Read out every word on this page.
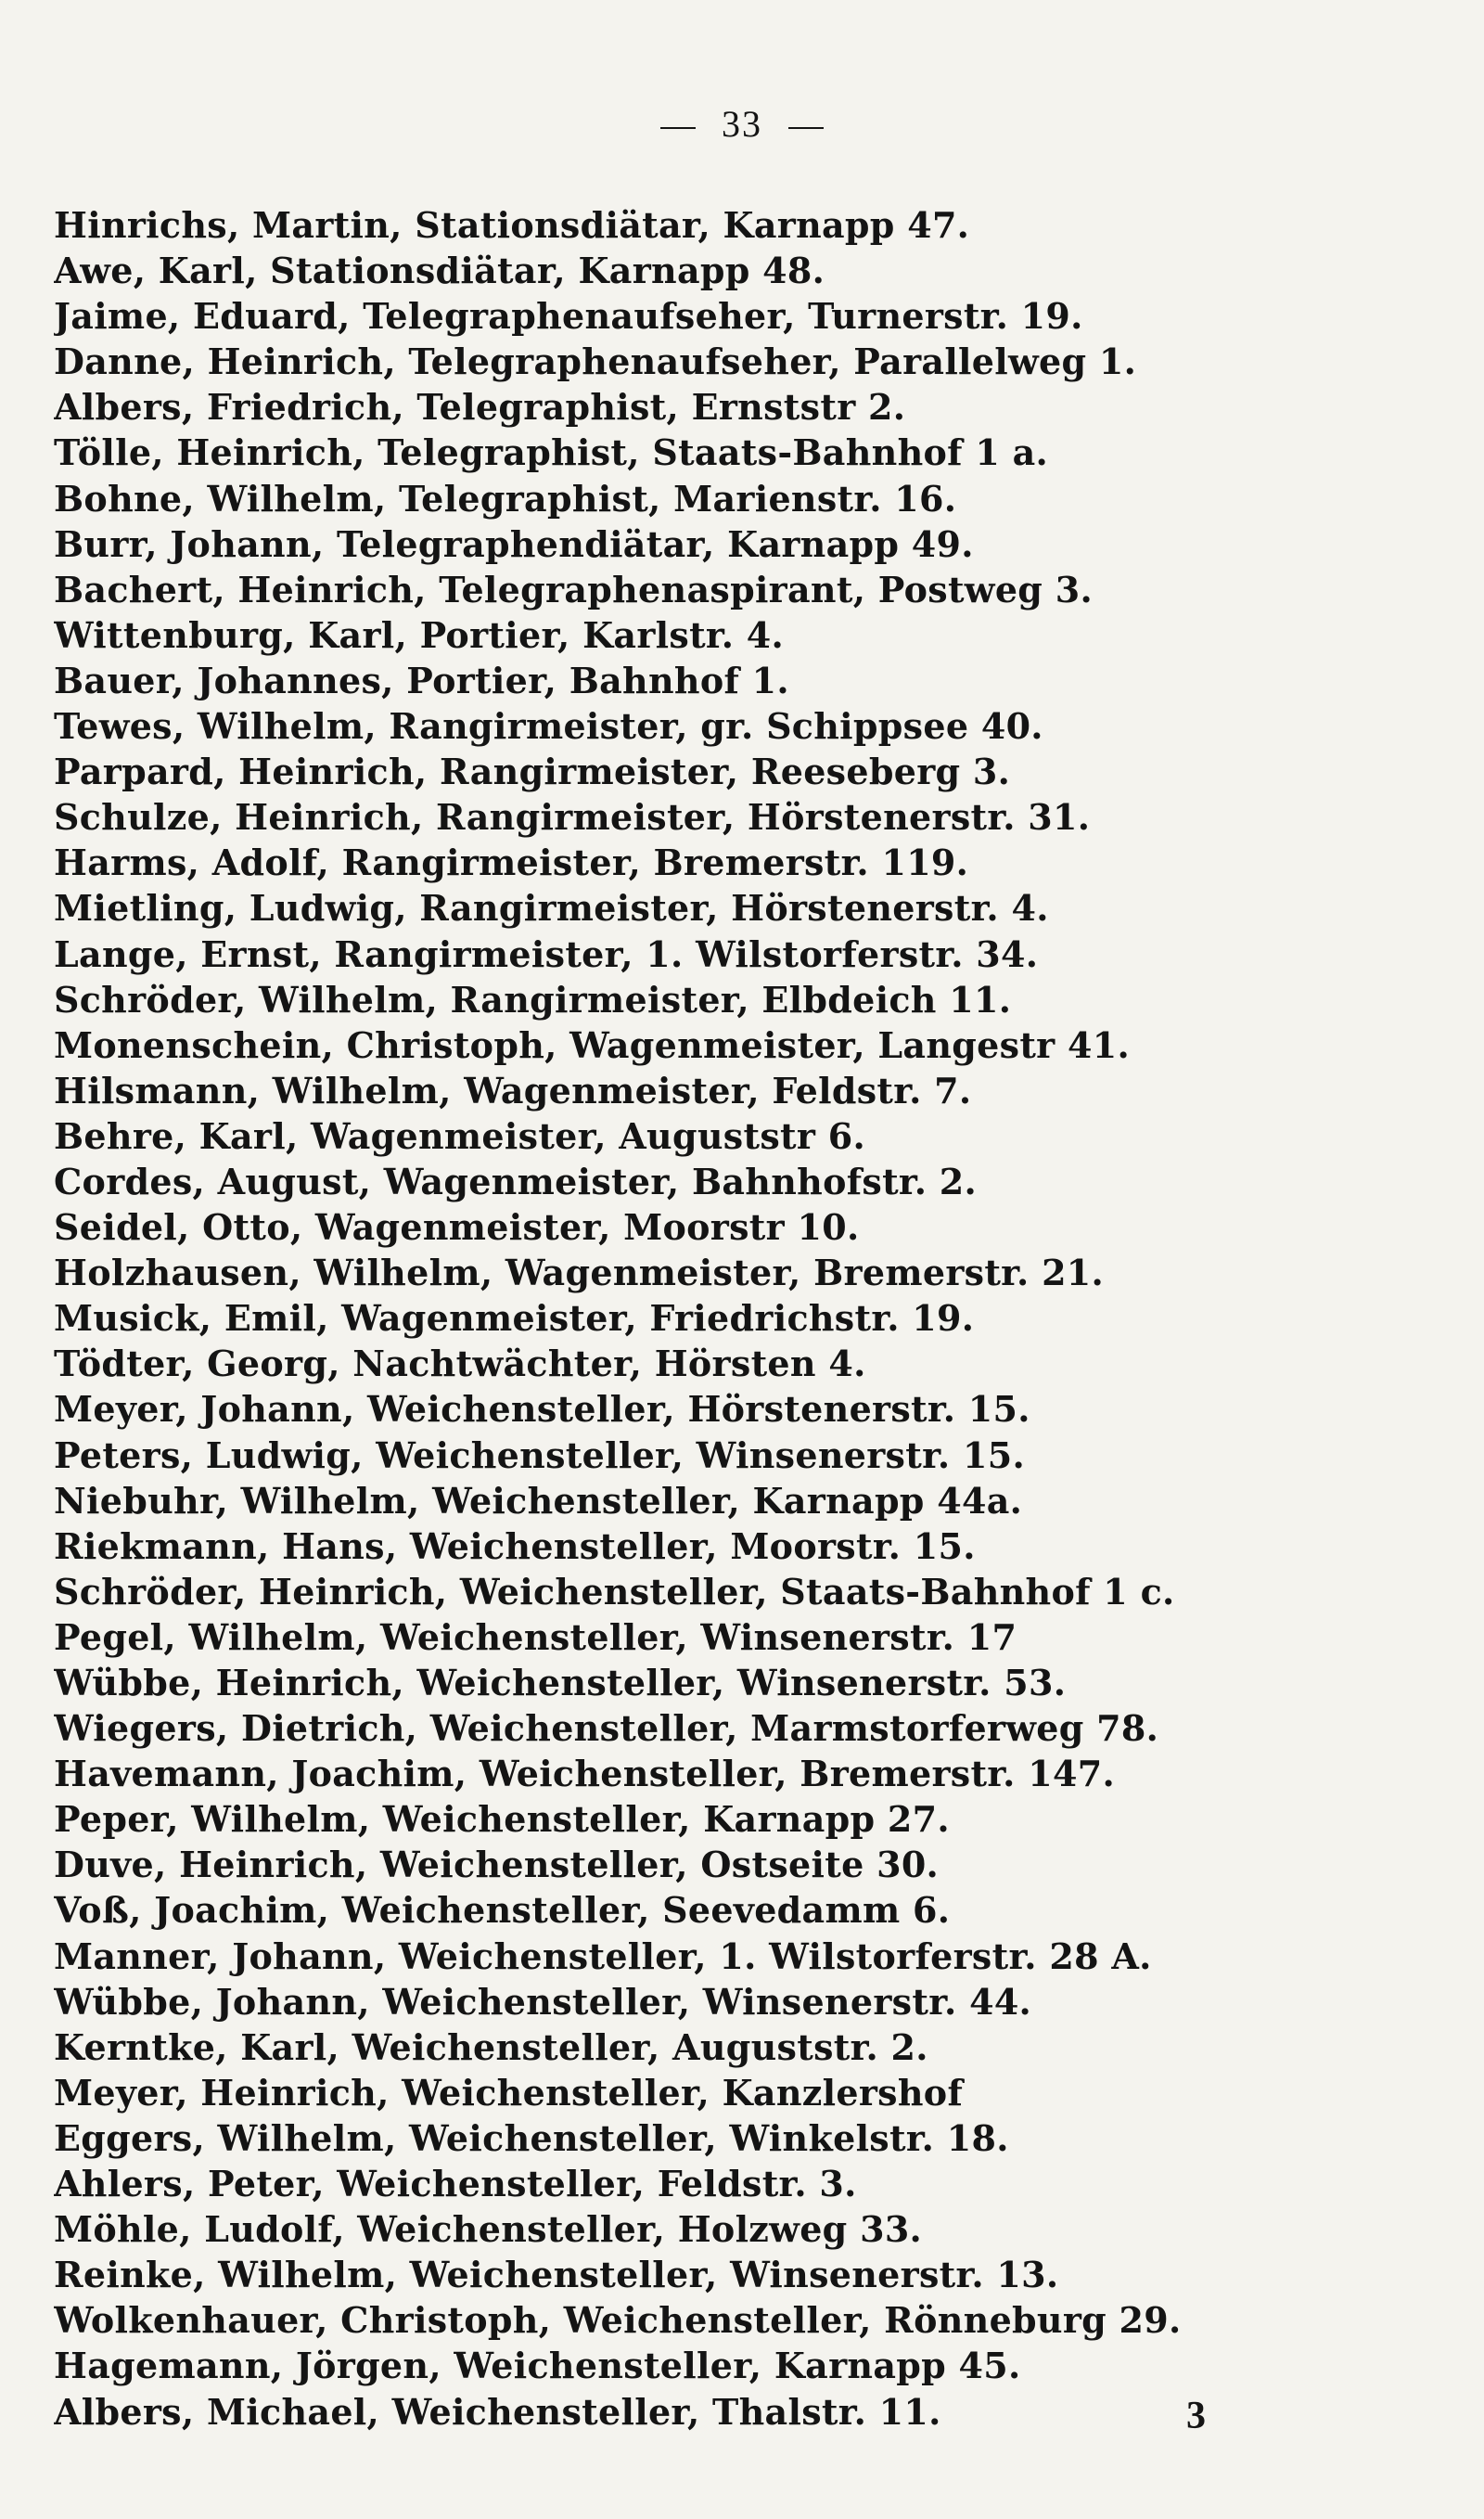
33
Hinrichs, Martin, Stationsdiätar, Karnapp 47.
Awe, Karl, Stationsdiätar, Karnapp 48.
Jaime, Eduard, Telegraphenaufseher, Turnerstr. 19.
Danne, Heinrich, Telegraphenaufseher, Parallelweg 1.
Albers, Friedrich, Telegraphist, Ernststr 2.
Tölle, Heinrich, Telegraphist, Staats-Bahnhof 1 a.
Bohne, Wilhelm, Telegraphist, Marienstr. 16.
Burr, Johann, Telegraphendiätar, Karnapp 49.
Bachert, Heinrich, Telegraphenaspirant, Postweg 3.
Wittenburg, Karl, Portier, Karlstr. 4.
Bauer, Johannes, Portier, Bahnhof 1.
Tewes, Wilhelm, Rangirmeister, gr. Schippsee 40.
Parpard, Heinrich, Rangirmeister, Reeseberg 3.
Schulze, Heinrich, Rangirmeister, Hörstenerstr. 31.
Harms, Adolf, Rangirmeister, Bremerstr. 119.
Mietling, Ludwig, Rangirmeister, Hörstenerstr. 4.
Lange, Ernst, Rangirmeister, 1. Wilstorferstr. 34.
Schröder, Wilhelm, Rangirmeister, Elbdeich 11.
Monenschein, Christoph, Wagenmeister, Langestr 41.
Hilsmann, Wilhelm, Wagenmeister, Feldstr. 7.
Behre, Karl, Wagenmeister, Auguststr 6.
Cordes, August, Wagenmeister, Bahnhofstr. 2.
Seidel, Otto, Wagenmeister, Moorstr 10.
Holzhausen, Wilhelm, Wagenmeister, Bremerstr. 21.
Musick, Emil, Wagenmeister, Friedrichstr. 19.
Tödter, Georg, Nachtwächter, Hörsten 4.
Meyer, Johann, Weichensteller, Hörstenerstr. 15.
Peters, Ludwig, Weichensteller, Winsenerstr. 15.
Niebuhr, Wilhelm, Weichensteller, Karnapp 44a.
Riekmann, Hans, Weichensteller, Moorstr. 15.
Schröder, Heinrich, Weichensteller, Staats-Bahnhof 1 c.
Pegel, Wilhelm, Weichensteller, Winsenerstr. 17
Wübbe, Heinrich, Weichensteller, Winsenerstr. 53.
Wiegers, Dietrich, Weichensteller, Marmstorferweg 78.
Havemann, Joachim, Weichensteller, Bremerstr. 147.
Peper, Wilhelm, Weichensteller, Karnapp 27.
Duve, Heinrich, Weichensteller, Ostseite 30.
Voß, Joachim, Weichensteller, Seevedamm 6.
Manner, Johann, Weichensteller, 1. Wilstorferstr. 28 A.
Wübbe, Johann, Weichensteller, Winsenerstr. 44.
Kerntke, Karl, Weichensteller, Auguststr. 2.
Meyer, Heinrich, Weichensteller, Kanzlershof
Eggers, Wilhelm, Weichensteller, Winkelstr. 18.
Ahlers, Peter, Weichensteller, Feldstr. 3.
Möhle, Ludolf, Weichensteller, Holzweg 33.
Reinke, Wilhelm, Weichensteller, Winsenerstr. 13.
Wolkenhauer, Christoph, Weichensteller, Rönneburg 29.
Hagemann, Jörgen, Weichensteller, Karnapp 45.
Albers, Michael, Weichensteller, Thalstr. 11.	3
